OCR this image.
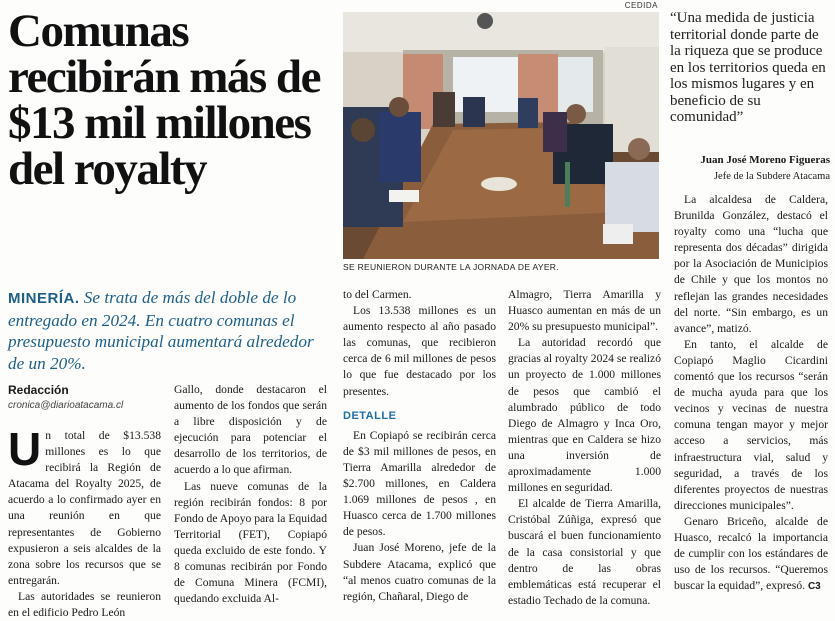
Comunas recibirán más de $13 mil millones del royalty
MINERÍA. Se trata de más del doble de lo entregado en 2024. En cuatro comunas el presupuesto municipal aumentará alrededor de un 20%.
Redacción
cronica@diarioatacama.cl
CEDIDA
SE REUNIERON DURANTE LA JORNADA DE AYER.
“Una medida de justicia territorial donde parte de la riqueza que se produce en los territorios queda en los mismos lugares y en beneficio de su comunidad”
Juan José Moreno Figueras
Jefe de la Subdere Atacama

Un total de $13.538 millones es lo que recibirá la Región de Atacama del Royalty 2025, de acuerdo a lo confirmado ayer en una reunión en que representantes de Gobierno expusieron a seis alcaldes de la zona sobre los recursos que se entregarán.

Las autoridades se reunieron en el edificio Pedro León

Gallo, donde destacaron el aumento de los fondos que serán a libre disposición y de ejecución para potenciar el desarrollo de los territorios, de acuerdo a lo que afirman.

Las nueve comunas de la región recibirán fondos: 8 por Fondo de Apoyo para la Equidad Territorial (FET), Copiapó queda excluido de este fondo. Y 8 comunas recibirán por Fondo de Comuna Minera (FCMI), quedando excluida Al-

to del Carmen.

Los 13.538 millones es un aumento respecto al año pasado las comunas, que recibieron cerca de 6 mil millones de pesos lo que fue destacado por los presentes.

DETALLE

En Copiapó se recibirán cerca de $3 mil millones de pesos, en Tierra Amarilla alrededor de $2.700 millones, en Caldera 1.069 millones de pesos , en Huasco cerca de 1.700 millones de pesos.

Juan José Moreno, jefe de la Subdere Atacama, explicó que “al menos cuatro comunas de la región, Chañaral, Diego de

Almagro, Tierra Amarilla y Huasco aumentan en más de un 20% su presupuesto municipal”.

La autoridad recordó que gracias al royalty 2024 se realizó un proyecto de 1.000 millones de pesos que cambió el alumbrado público de todo Diego de Almagro y Inca Oro, mientras que en Caldera se hizo una inversión de aproximadamente 1.000 millones en seguridad.

El alcalde de Tierra Amarilla, Cristóbal Zúñiga, expresó que buscará el buen funcionamiento de la casa consistorial y que dentro de las obras emblemáticas está recuperar el estadio Techado de la comuna.

La alcaldesa de Caldera, Brunilda González, destacó el royalty como una “lucha que representa dos décadas” dirigida por la Asociación de Municipios de Chile y que los montos no reflejan las grandes necesidades del norte. “Sin embargo, es un avance”, matizó.

En tanto, el alcalde de Copiapó Maglio Cicardini comentó que los recursos “serán de mucha ayuda para que los vecinos y vecinas de nuestra comuna tengan mayor y mejor acceso a servicios, más infraestructura vial, salud y seguridad, a través de los diferentes proyectos de nuestras direcciones municipales”.

Genaro Briceño, alcalde de Huasco, recalcó la importancia de cumplir con los estándares de uso de los recursos. “Queremos buscar la equidad”, expresó. C3
